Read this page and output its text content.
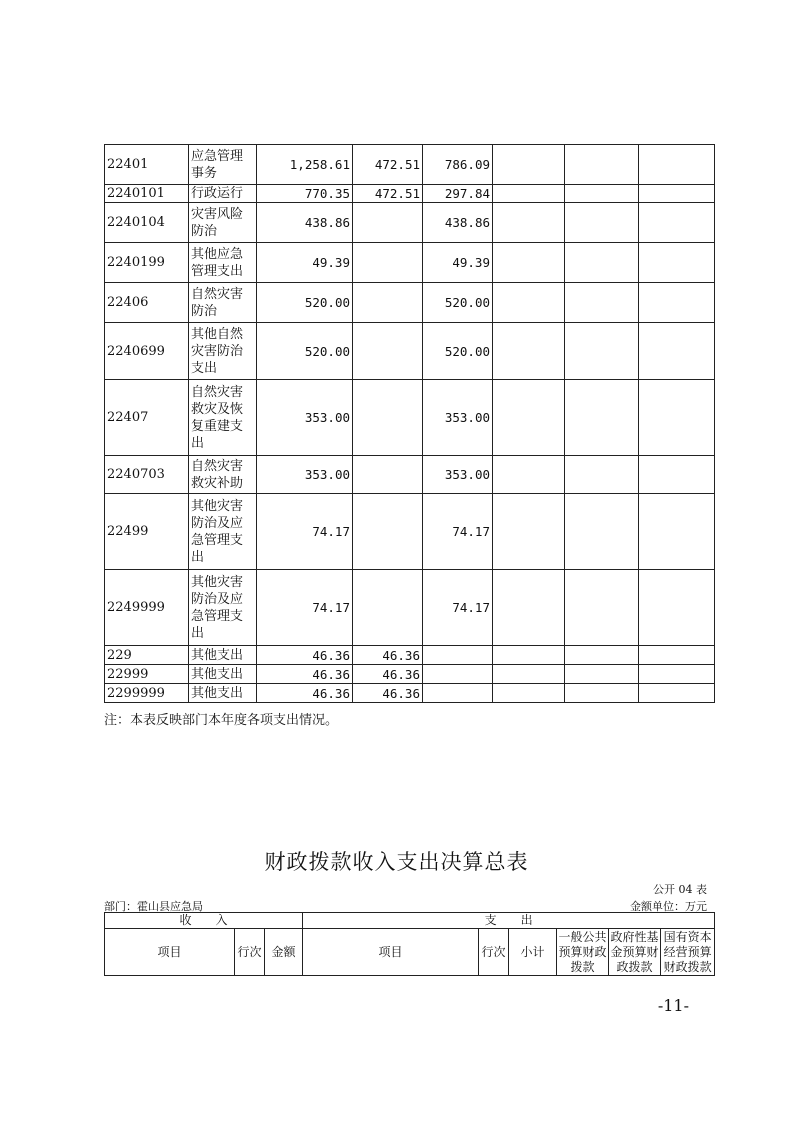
22401	应急管理事务	1,258.61	472.51	786.09			
2240101	行政运行	770.35	472.51	297.84			
2240104	灾害风险防治	438.86		438.86			
2240199	其他应急管理支出	49.39		49.39			
22406	自然灾害防治	520.00		520.00			
2240699	其他自然灾害防治支出	520.00		520.00			
22407	自然灾害救灾及恢复重建支出	353.00		353.00			
2240703	自然灾害救灾补助	353.00		353.00			
22499	其他灾害防治及应急管理支出	74.17		74.17			
2249999	其他灾害防治及应急管理支出	74.17		74.17			
229	其他支出	46.36	46.36				
22999	其他支出	46.36	46.36				
2299999	其他支出	46.36	46.36				
注：本表反映部门本年度各项支出情况。
财政拨款收入支出决算总表
公开 04 表
部门：霍山县应急局	金额单位：万元
收　　入			支　　出					
项目	行次	金额	项目	行次	小计	一般公共预算财政拨款	政府性基金预算财政拨款	国有资本经营预算财政拨款
-11-
